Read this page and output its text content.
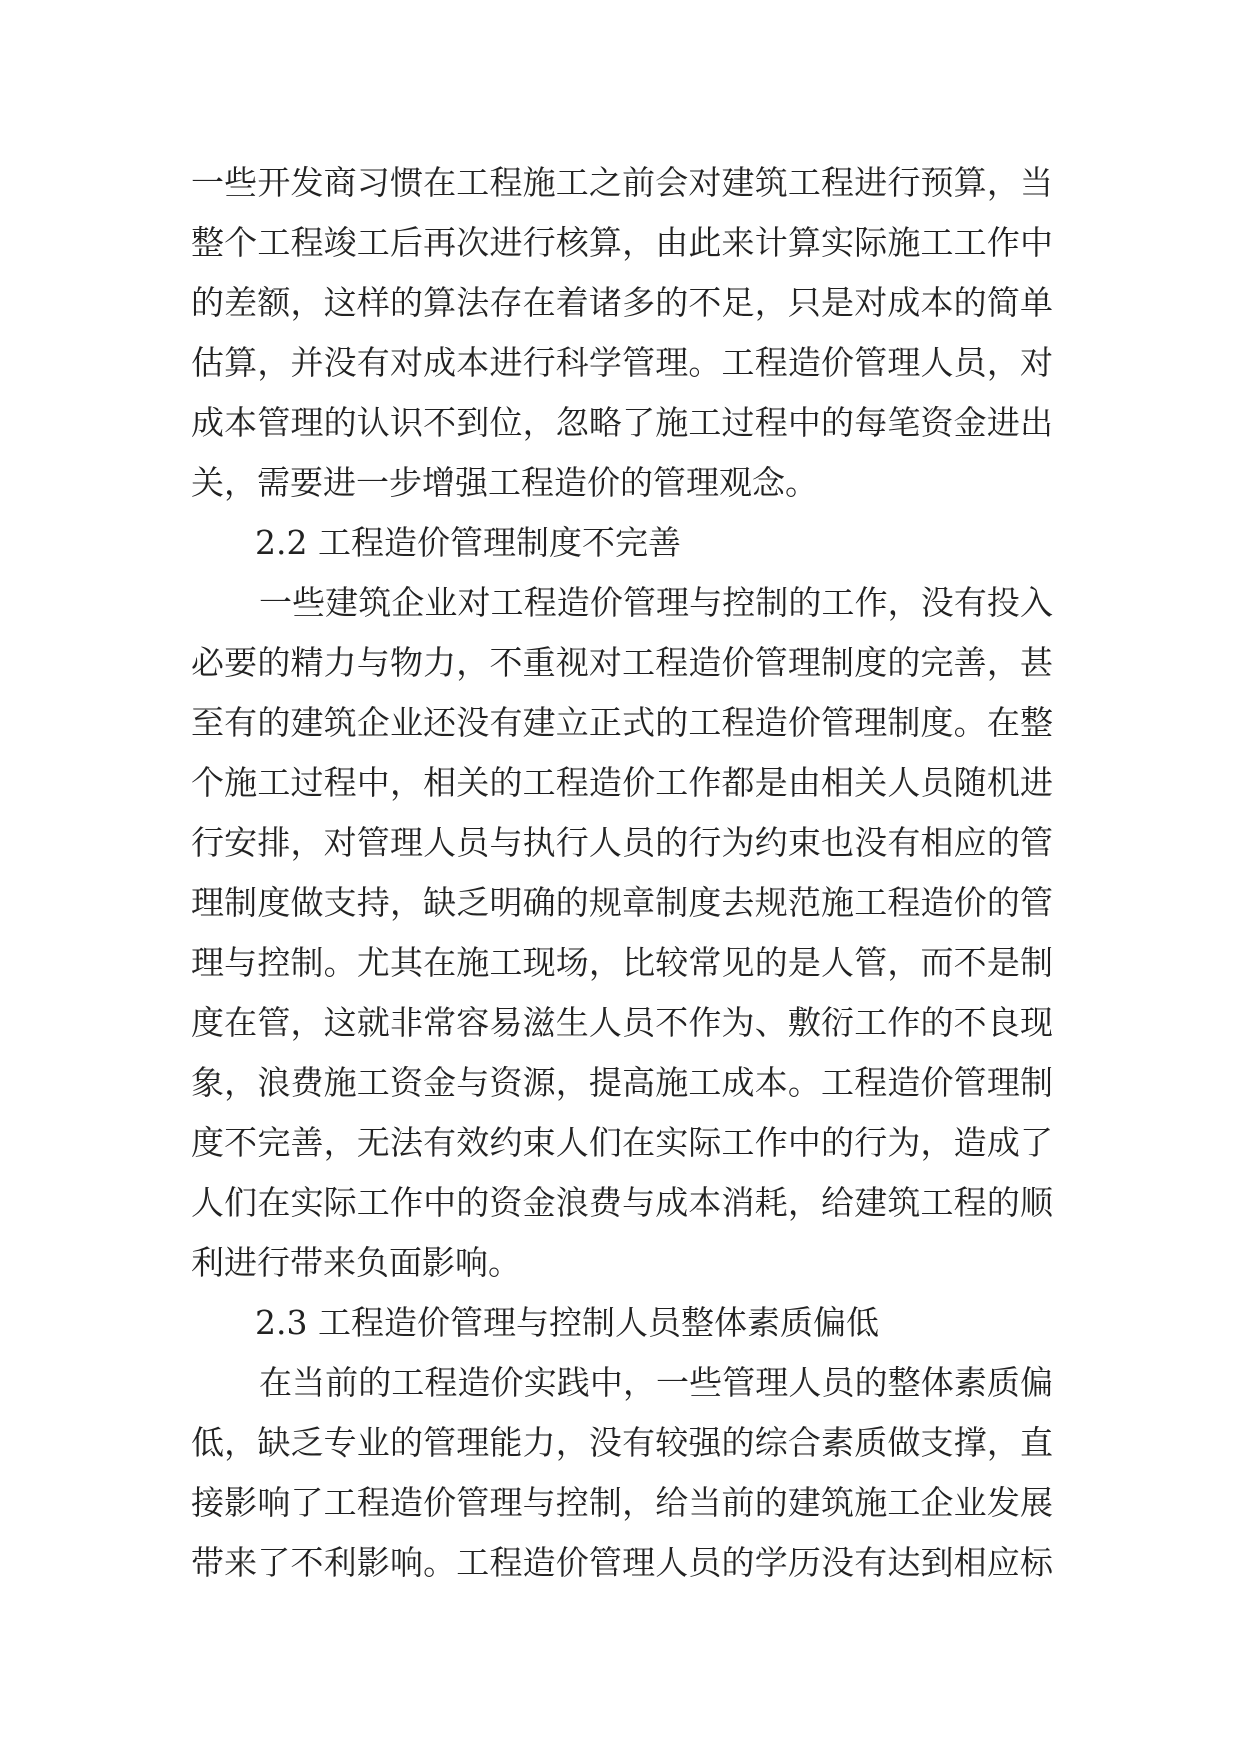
一些开发商习惯在工程施工之前会对建筑工程进行预算，当
整个工程竣工后再次进行核算，由此来计算实际施工工作中
的差额，这样的算法存在着诸多的不足，只是对成本的简单
估算，并没有对成本进行科学管理。工程造价管理人员，对
成本管理的认识不到位，忽略了施工过程中的每笔资金进出
关，需要进一步增强工程造价的管理观念。
2.2 工程造价管理制度不完善
一些建筑企业对工程造价管理与控制的工作，没有投入
必要的精力与物力，不重视对工程造价管理制度的完善，甚
至有的建筑企业还没有建立正式的工程造价管理制度。在整
个施工过程中，相关的工程造价工作都是由相关人员随机进
行安排，对管理人员与执行人员的行为约束也没有相应的管
理制度做支持，缺乏明确的规章制度去规范施工程造价的管
理与控制。尤其在施工现场，比较常见的是人管，而不是制
度在管，这就非常容易滋生人员不作为、敷衍工作的不良现
象，浪费施工资金与资源，提高施工成本。工程造价管理制
度不完善，无法有效约束人们在实际工作中的行为，造成了
人们在实际工作中的资金浪费与成本消耗，给建筑工程的顺
利进行带来负面影响。
2.3 工程造价管理与控制人员整体素质偏低
在当前的工程造价实践中，一些管理人员的整体素质偏
低，缺乏专业的管理能力，没有较强的综合素质做支撑，直
接影响了工程造价管理与控制，给当前的建筑施工企业发展
带来了不利影响。工程造价管理人员的学历没有达到相应标
